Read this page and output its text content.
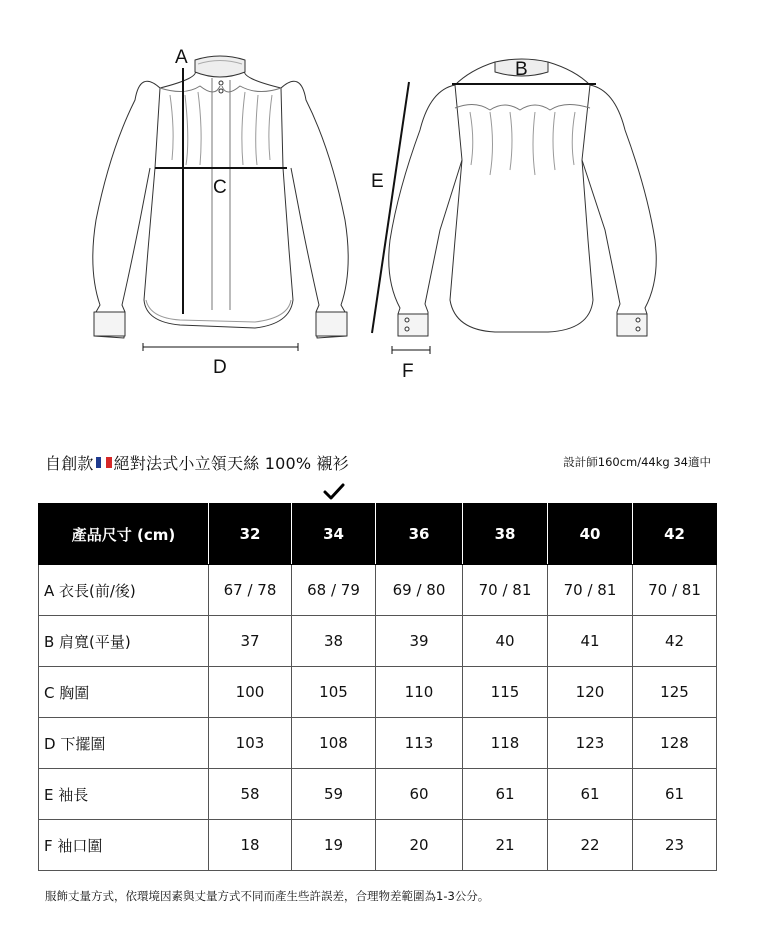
A
B
C
D
E
F
自創款 絕對法式小立領天絲 100% 襯衫	設計師160cm/44kg 34適中
產品尺寸 (cm)	32	34	36	38	40	42
A 衣長(前/後)	67 / 78	68 / 79	69 / 80	70 / 81	70 / 81	70 / 81
B 肩寬(平量)	37	38	39	40	41	42
C 胸圍	100	105	110	115	120	125
D 下擺圍	103	108	113	118	123	128
E 袖長	58	59	60	61	61	61
F 袖口圍	18	19	20	21	22	23
服飾丈量方式，依環境因素與丈量方式不同而產生些許誤差，合理物差範圍為1-3公分。
